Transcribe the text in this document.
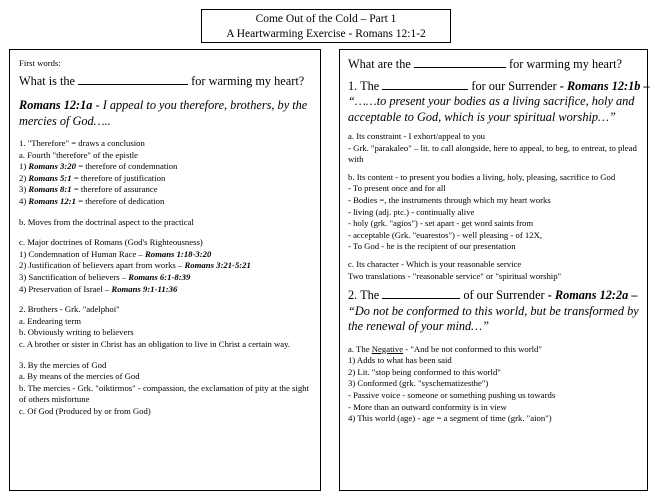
Come Out of the Cold – Part 1
A Heartwarming Exercise - Romans 12:1-2

First words:

What is the	for warming my heart?

Romans 12:1a - I appeal to you therefore, brothers, by the mercies of God…..

1. "Therefore" = draws a conclusion

a. Fourth "therefore" of the epistle

1) Romans 3:20 = therefore of condemnation

2) Romans 5:1 = therefore of justification

3) Romans 8:1 = therefore of assurance

4) Romans 12:1 = therefore of dedication

b. Moves from the doctrinal aspect to the practical

c. Major doctrines of Romans (God's Righteousness)

1) Condemnation of Human Race – Romans 1:18-3:20

2) Justification of believers apart from works – Romans 3:21-5:21

3) Sanctification of believers – Romans 6:1-8:39

4) Preservation of Israel – Romans 9:1-11:36

2. Brothers - Grk. "adelphoi"

a. Endearing term

b. Obviously writing to believers

c. A brother or sister in Christ has an obligation to live in Christ a certain way.

3. By the mercies of God

a. By means of the mercies of God

b. The mercies - Grk. "oiktirmos" - compassion, the exclamation of pity at the sight of others misfortune

c. Of God (Produced by or from God)

What are the	for warming my heart?

1. The	for our Surrender - Romans 12:1b –

“……to present your bodies as a living sacrifice, holy and acceptable to God, which is your spiritual worship…”

a. Its constraint - I exhort/appeal to you

- Grk. "parakaleo" – lit. to call alongside, here to appeal, to beg, to entreat, to plead with

b. Its content - to present you bodies a living, holy, pleasing, sacrifice to God

- To present once and for all

- Bodies =, the instruments through which my heart works

- living (adj. ptc.) - continually alive

- holy (grk. "agios") - set apart - get word saints from

- acceptable (Grk. "euarestos") - well pleasing - of 12X,

- To God - he is the recipient of our presentation

c. Its character - Which is your reasonable service

Two translations - "reasonable service" or "spiritual worship"

2. The	of our Surrender - Romans 12:2a –

“Do not be conformed to this world, but be transformed by the renewal of your mind…”

a. The Negative - "And be not conformed to this world"

1) Adds to what has been said

2) Lit. "stop being conformed to this world"

3) Conformed (grk. "syschematizesthe")

- Passive voice - someone or something pushing us towards

- More than an outward conformity is in view

4) This world (age) - age = a segment of time (grk. "aion")
